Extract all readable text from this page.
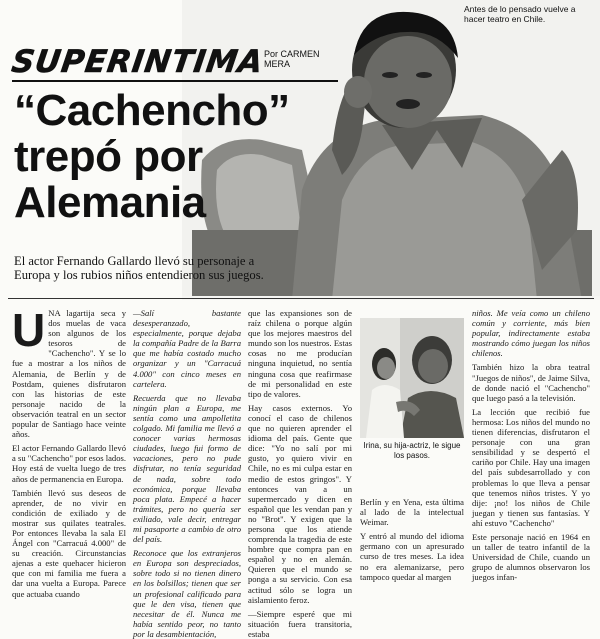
Antes de lo pensado vuelve a hacer teatro en Chile.
SUPERINTIMA
Por CARMEN MERA
“Cachencho”
trepó por
Alemania
El actor Fernando Gallardo llevó su personaje a Europa y los rubios niños entendieron sus juegos.

UNA lagartija seca y dos muelas de vaca son algunos de los tesoros de "Cachencho". Y se lo fue a mostrar a los niños de Alemania, de Berlín y de Postdam, quienes disfrutaron con las historias de este personaje nacido de la observación teatral en un sector popular de Santiago hace veinte años.

El actor Fernando Gallardo llevó a su "Cachencho" por esos lados. Hoy está de vuelta luego de tres años de permanencia en Europa.

También llevó sus deseos de aprender, de no vivir en condición de exiliado y de mostrar sus quilates teatrales. Por entonces llevaba la sala El Ángel con "Carracuá 4.000" de su creación. Circunstancias ajenas a este quehacer hicieron que con mi familia me fuera a dar una vuelta a Europa. Parece que actuaba cuando

—Salí bastante desesperanzado, especialmente, porque dejaba la compañía Padre de la Barra que me había costado mucho organizar y un "Carracuá 4.000" con cinco meses en cartelera.

Recuerda que no llevaba ningún plan a Europa, me sentía como una ampolletita colgado. Mi familia me llevó a conocer varias hermosas ciudades, luego fui formo de vacaciones, pero no pude disfrutar, no tenía seguridad de nada, sobre todo económica, porque llevaba poca plata. Empecé a hacer trámites, pero no quería ser exiliado, vale decir, entregar mi pasaporte a cambio de otro del país.

Reconoce que los extranjeros en Europa son despreciados, sobre todo si no tienen dinero en los bolsillos; tienen que ser un profesional calificado para que le den visa, tienen que necesitar de él. Nunca me había sentido peor, no tanto por la desambientación,

que las expansiones son de raíz chilena o porque algún que los mejores maestros del mundo son los nuestros. Estas cosas no me producían ninguna inquietud, no sentía ninguna cosa que reafirmase de mi personalidad en este tipo de valores.

Hay casos externos. Yo conocí el caso de chilenos que no quieren aprender el idioma del país. Gente que dice: "Yo no salí por mi gusto, yo quiero vivir en Chile, no es mi culpa estar en medio de estos gringos". Y entonces van a un supermercado y dicen en español que les vendan pan y no "Brot". Y exigen que la persona que los atiende comprenda la tragedia de este hombre que compra pan en español y no en alemán. Quieren que el mundo se ponga a su servicio. Con esa actitud sólo se logra un aislamiento feroz.

—Siempre esperé que mi situación fuera transitoria, estaba

Irina, su hija-actriz, le sigue los pasos.

Berlín y en Yena, esta última al lado de la intelectual Weimar.

Y entró al mundo del idioma germano con un apresurado curso de tres meses. La idea no era alemanizarse, pero tampoco quedar al margen

niños. Me veía como un chileno común y corriente, más bien popular, indirectamente estaba mostrando cómo juegan los niños chilenos.

También hizo la obra teatral "Juegos de niños", de Jaime Silva, de donde nació el "Cachencho" que luego pasó a la televisión.

La lección que recibió fue hermosa: Los niños del mundo no tienen diferencias, disfrutaron el personaje con una gran sensibilidad y se despertó el cariño por Chile. Hay una imagen del país subdesarrollado y con problemas lo que lleva a pensar que tenemos niños tristes. Y yo dije: ¡no! los niños de Chile juegan y tienen sus fantasías. Y ahí estuvo "Cachencho"

Este personaje nació en 1964 en un taller de teatro infantil de la Universidad de Chile, cuando un grupo de alumnos observaron los juegos infan-
